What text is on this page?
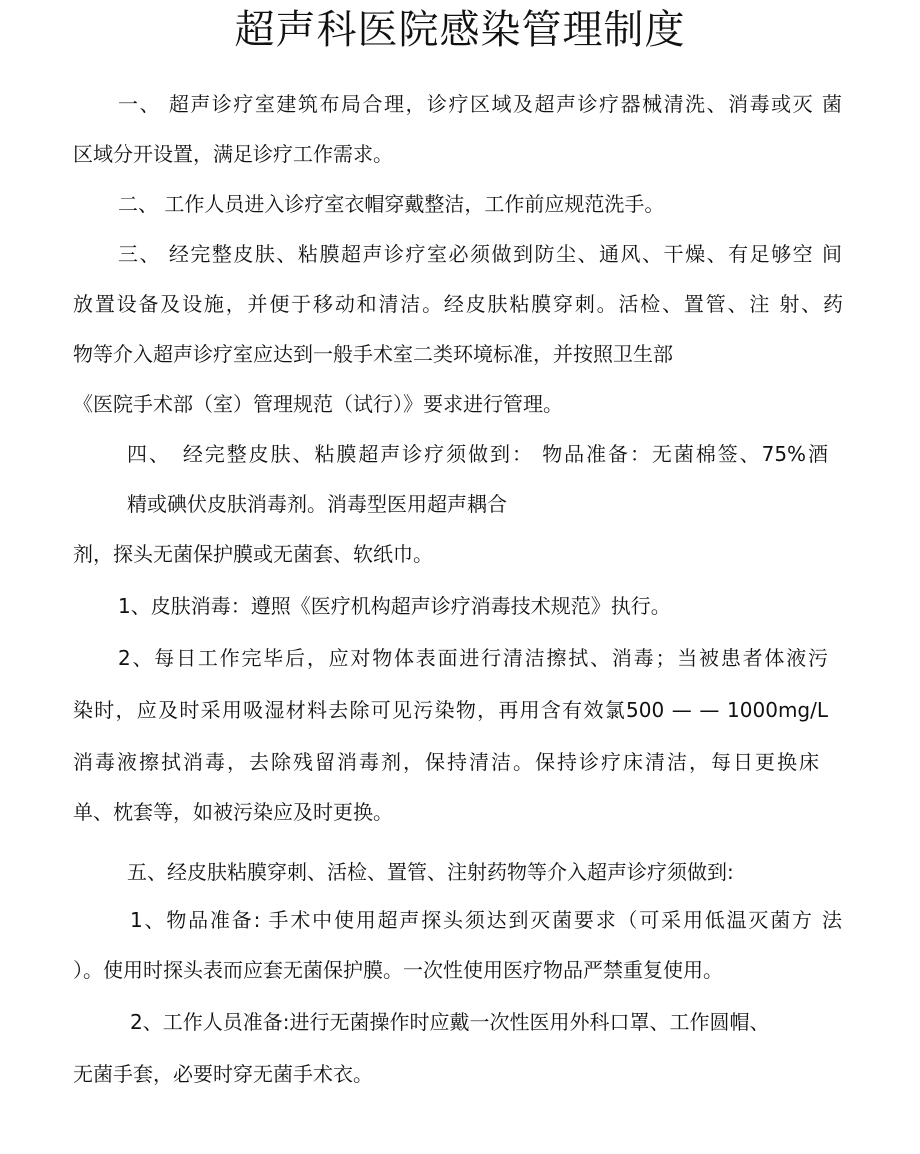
超声科医院感染管理制度
一、 超声诊疗室建筑布局合理，诊疗区域及超声诊疗器械清洗、消毒或灭 菌
区域分开设置，满足诊疗工作需求。
二、 工作人员进入诊疗室衣帽穿戴整洁，工作前应规范洗手。
三、 经完整皮肤、粘膜超声诊疗室必须做到防尘、通风、干燥、有足够空 间
放置设备及设施，并便于移动和清洁。经皮肤粘膜穿刺。活检、置管、注 射、药
物等介入超声诊疗室应达到一般手术室二类环境标准，并按照卫生部
《医院手术部（室）管理规范（试行）》要求进行管理。
四、　经完整皮肤、粘膜超声诊疗须做到： 物品准备：无菌棉签、75%酒
精或碘伏皮肤消毒剂。消毒型医用超声耦合
剂，探头无菌保护膜或无菌套、软纸巾。
1、皮肤消毒：遵照《医疗机构超声诊疗消毒技术规范》执行。
2、每日工作完毕后，应对物体表面进行清洁擦拭、消毒；当被患者体液污
染时，应及时采用吸湿材料去除可见污染物，再用含有效氯500 — — 1000mg/L
消毒液擦拭消毒，去除残留消毒剂，保持清洁。保持诊疗床清洁，每日更换床
单、枕套等，如被污染应及时更换。
五、经皮肤粘膜穿刺、活检、置管、注射药物等介入超声诊疗须做到:
1、物品准备: 手术中使用超声探头须达到灭菌要求（可采用低温灭菌方 法
）。使用时探头表而应套无菌保护膜。一次性使用医疗物品严禁重复使用。
2、工作人员准备:进行无菌操作时应戴一次性医用外科口罩、工作圆帽、
无菌手套，必要时穿无菌手术衣。
